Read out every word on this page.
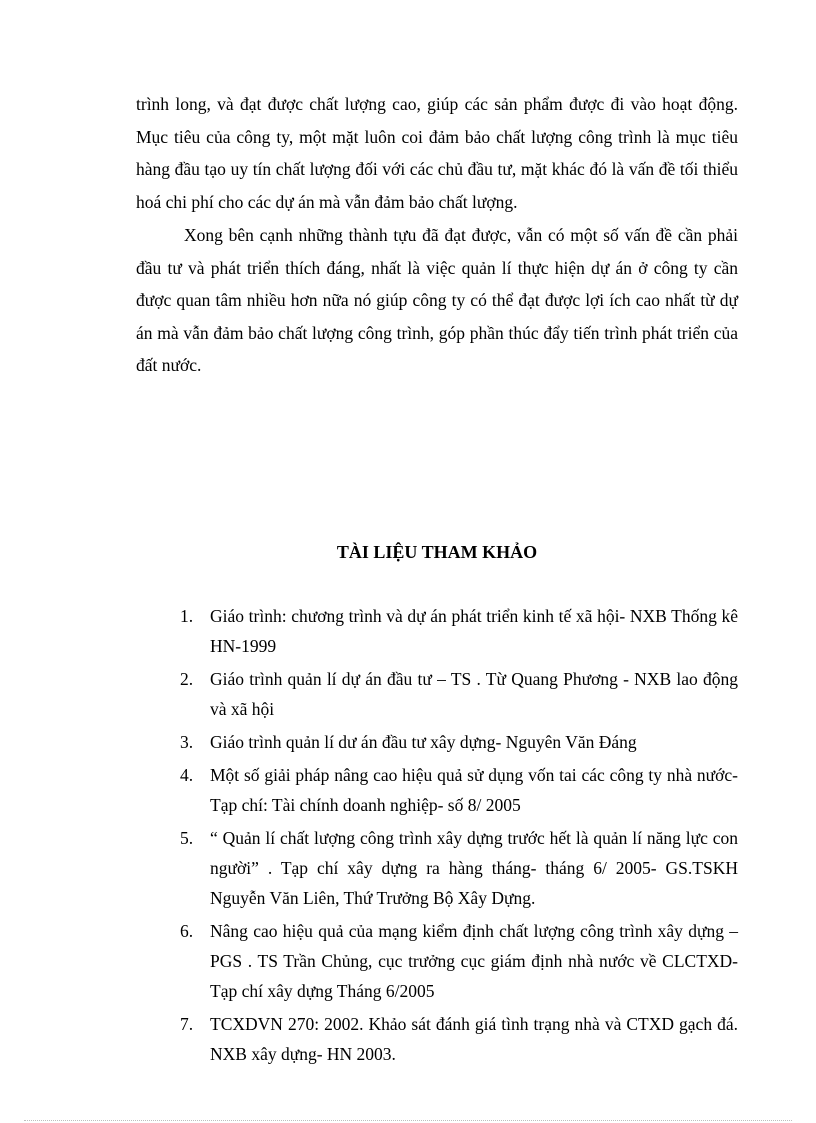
trình long, và đạt được chất lượng cao, giúp các sản phẩm được đi vào hoạt động. Mục tiêu của công ty, một mặt luôn coi đảm bảo chất lượng công trình là mục tiêu hàng đầu tạo uy tín chất lượng đối với các chủ đầu tư, mặt khác đó là vấn đề tối thiểu hoá chi phí cho các dự án mà vẫn đảm bảo chất lượng.

Xong bên cạnh những thành tựu đã đạt được, vẫn có một số vấn đề cần phải đầu tư và phát triển thích đáng, nhất là việc quản lí thực hiện dự án ở công ty cần được quan tâm nhiều hơn nữa nó giúp công ty có thể đạt được lợi ích cao nhất từ dự án mà vẫn đảm bảo chất lượng công trình, góp phần thúc đẩy tiến trình phát triển của đất nước.

TÀI LIỆU THAM KHẢO
1. Giáo trình: chương trình và dự án phát triển kinh tế xã hội- NXB Thống kê HN-1999
2. Giáo trình quản lí dự án đầu tư – TS . Từ Quang Phương - NXB lao động và xã hội
3. Giáo trình quản lí dư án đầu tư xây dựng- Nguyên Văn Đáng
4. Một số giải pháp nâng cao hiệu quả sử dụng vốn tai các công ty nhà nước- Tạp chí: Tài chính doanh nghiệp- số 8/ 2005
5. “ Quản lí chất lượng công trình xây dựng trước hết là quản lí năng lực con người” . Tạp chí xây dựng ra hàng tháng- tháng 6/ 2005- GS.TSKH Nguyễn Văn Liên, Thứ Trưởng Bộ Xây Dựng.
6. Nâng cao hiệu quả của mạng kiểm định chất lượng công trình xây dựng – PGS . TS Trần Chủng, cục trưởng cục giám định nhà nước về CLCTXD- Tạp chí xây dựng Tháng 6/2005
7. TCXDVN 270: 2002. Khảo sát đánh giá tình trạng nhà và CTXD gạch đá. NXB xây dựng- HN 2003.
